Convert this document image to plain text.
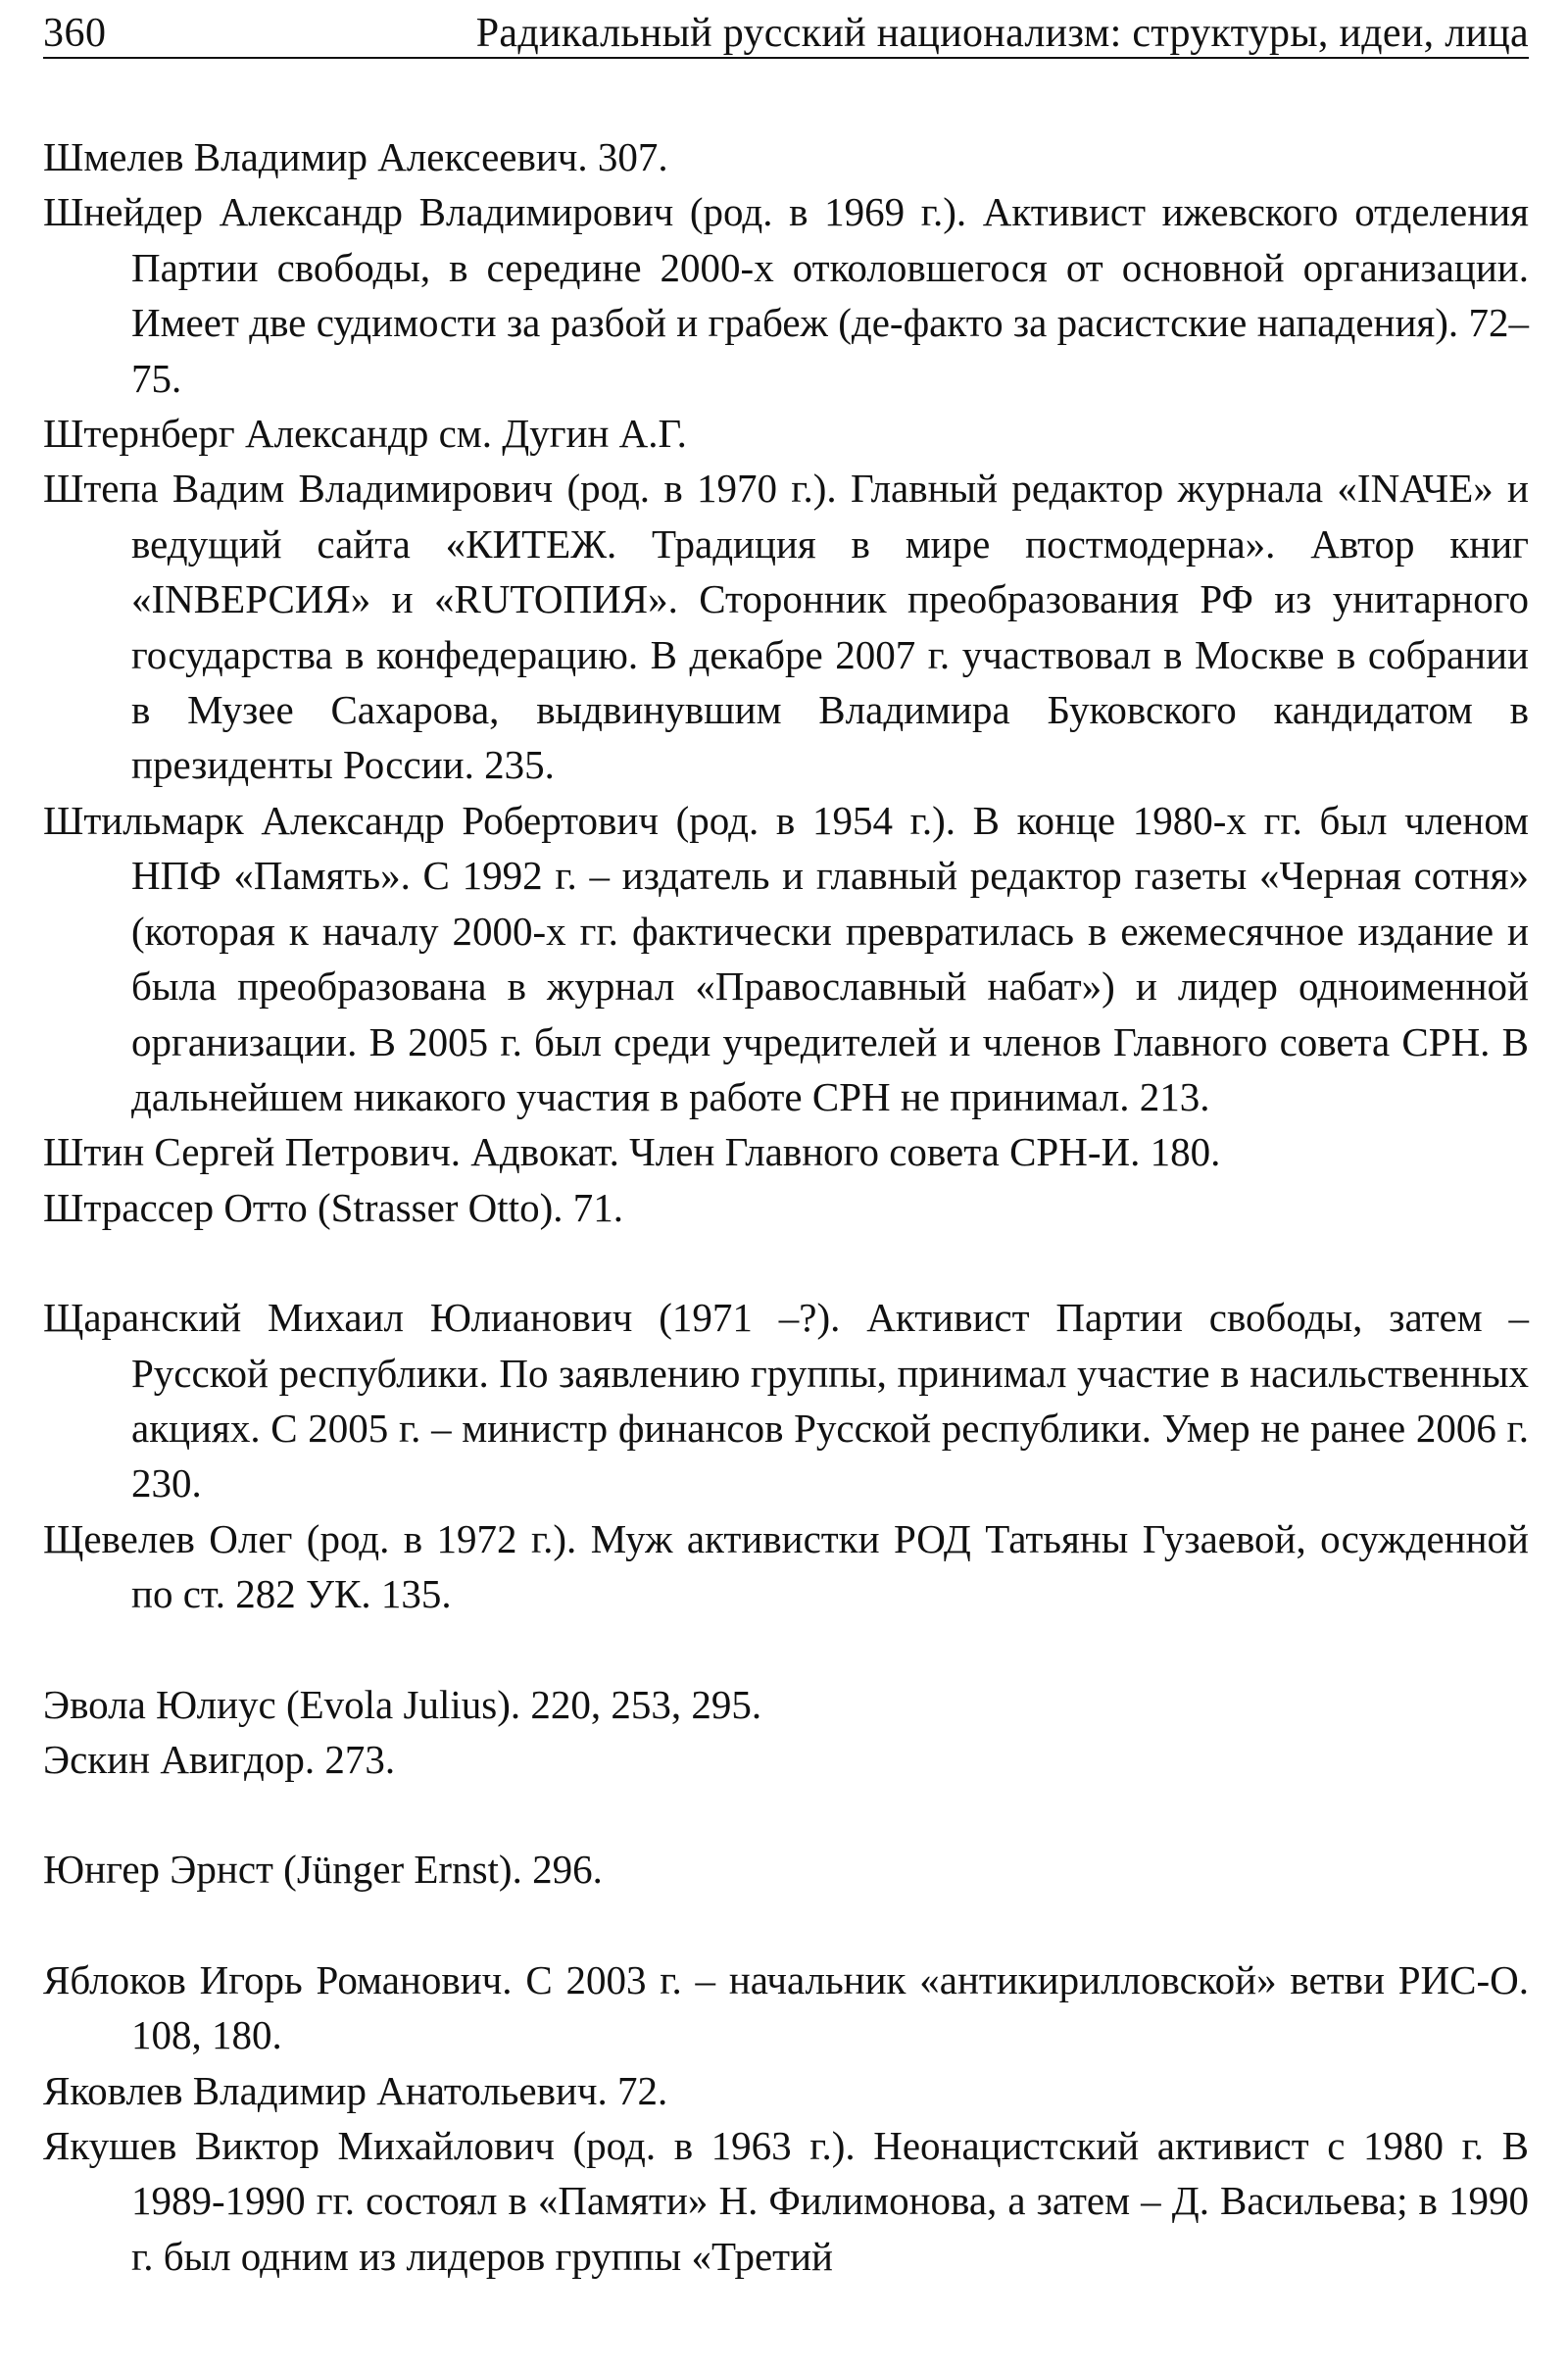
360	Радикальный русский национализм: структуры, идеи, лица

Шмелев Владимир Алексеевич. 307.

Шнейдер Александр Владимирович (род. в 1969 г.). Активист ижевского отделения Партии свободы, в середине 2000-х отколовшегося от основной организации. Имеет две судимости за разбой и грабеж (де-факто за расистские нападения). 72–75.

Штернберг Александр см. Дугин А.Г.

Штепа Вадим Владимирович (род. в 1970 г.). Главный редактор журнала «INАЧЕ» и ведущий сайта «КИТЕЖ. Традиция в мире постмодерна». Автор книг «INВЕРСИЯ» и «RUТОПИЯ». Сторонник преобразования РФ из унитарного государства в конфедерацию. В декабре 2007 г. участвовал в Москве в собрании в Музее Сахарова, выдвинувшим Владимира Буковского кандидатом в президенты России. 235.

Штильмарк Александр Робертович (род. в 1954 г.). В конце 1980-х гг. был членом НПФ «Память». С 1992 г. – издатель и главный редактор газеты «Черная сотня» (которая к началу 2000-х гг. фактически превратилась в ежемесячное издание и была преобразована в журнал «Православный набат») и лидер одноименной организации. В 2005 г. был среди учредителей и членов Главного совета СРН. В дальнейшем никакого участия в работе СРН не принимал. 213.

Штин Сергей Петрович. Адвокат. Член Главного совета СРН-И. 180.

Штрассер Отто (Strasser Otto). 71.

Щаранский Михаил Юлианович (1971 –?). Активист Партии свободы, затем – Русской республики. По заявлению группы, принимал участие в насильственных акциях. С 2005 г. – министр финансов Русской республики. Умер не ранее 2006 г. 230.

Щевелев Олег (род. в 1972 г.). Муж активистки РОД Татьяны Гузаевой, осужденной по ст. 282 УК. 135.

Эвола Юлиус (Evola Julius). 220, 253, 295.

Эскин Авигдор. 273.

Юнгер Эрнст (Jünger Ernst). 296.

Яблоков Игорь Романович. С 2003 г. – начальник «антикирилловской» ветви РИС-О. 108, 180.

Яковлев Владимир Анатольевич. 72.

Якушев Виктор Михайлович (род. в 1963 г.). Неонацистский активист с 1980 г. В 1989-1990 гг. состоял в «Памяти» Н. Филимонова, а затем – Д. Васильева; в 1990 г. был одним из лидеров группы «Третий
